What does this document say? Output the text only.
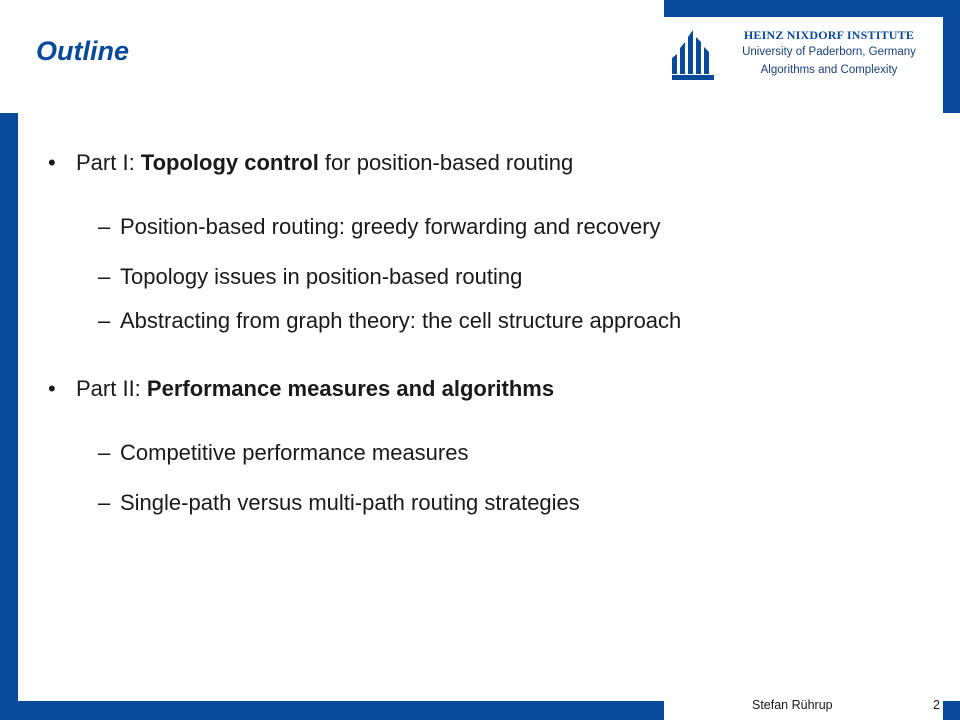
Outline
HEINZ NIXDORF INSTITUTE
University of Paderborn, Germany
Algorithms and Complexity
• Part I: Topology control for position-based routing
– Position-based routing: greedy forwarding and recovery
– Topology issues in position-based routing
– Abstracting from graph theory: the cell structure approach
• Part II: Performance measures and algorithms
– Competitive performance measures
– Single-path versus multi-path routing strategies
Stefan Rührup	2
